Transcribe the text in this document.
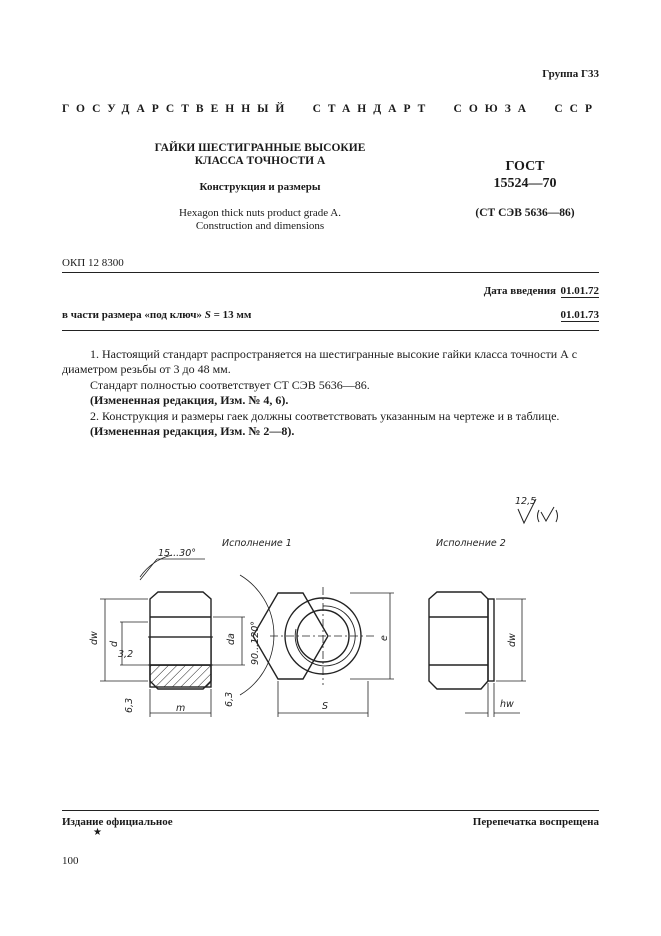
Группа Г33
ГОСУДАРСТВЕННЫЙ СТАНДАРТ СОЮЗА ССР
ГАЙКИ ШЕСТИГРАННЫЕ ВЫСОКИЕ
КЛАССА ТОЧНОСТИ А
Конструкция и размеры
Hexagon thick nuts product grade A.
Construction and dimensions
ГОСТ
15524—70
(СТ СЭВ 5636—86)
ОКП 12 8300
Дата введения 01.01.72
в части размера «под ключ» S = 13 мм	01.01.73

1. Настоящий стандарт распространяется на шестигранные высокие гайки класса точности А с диаметром резьбы от 3 до 48 мм.

Стандарт полностью соответствует СТ СЭВ 5636—86.

(Измененная редакция, Изм. № 4, 6).

2. Конструкция и размеры гаек должны соответствовать указанным на чертеже и в таблице.

(Измененная редакция, Изм. № 2—8).

12,5
Исполнение 1	Исполнение 2
15...30°
dw d
3,2
da 90...120°
m
6,3	6,3	S
e	dw
hw
Издание официальное
★
Перепечатка воспрещена
100
